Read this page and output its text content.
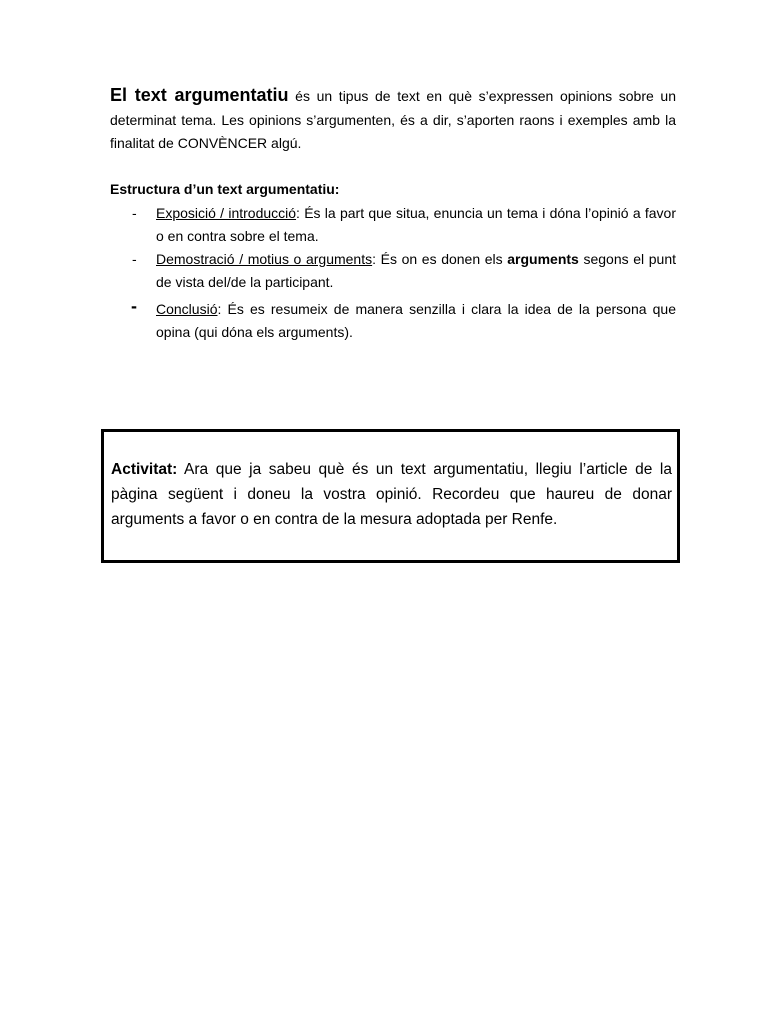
El text argumentatiu és un tipus de text en què s’expressen opinions sobre un determinat tema. Les opinions s’argumenten, és a dir, s’aporten raons i exemples amb la finalitat de CONVÈNCER algú.

Estructura d’un text argumentatiu:
- Exposició / introducció: És la part que situa, enuncia un tema i dóna l’opinió a favor o en contra sobre el tema.
- Demostració / motius o arguments: És on es donen els arguments segons el punt de vista del/de la participant.
- Conclusió: És es resumeix de manera senzilla i clara la idea de la persona que opina (qui dóna els arguments).

Activitat: Ara que ja sabeu què és un text argumentatiu, llegiu l’article de la pàgina següent i doneu la vostra opinió. Recordeu que haureu de donar arguments a favor o en contra de la mesura adoptada per Renfe.
